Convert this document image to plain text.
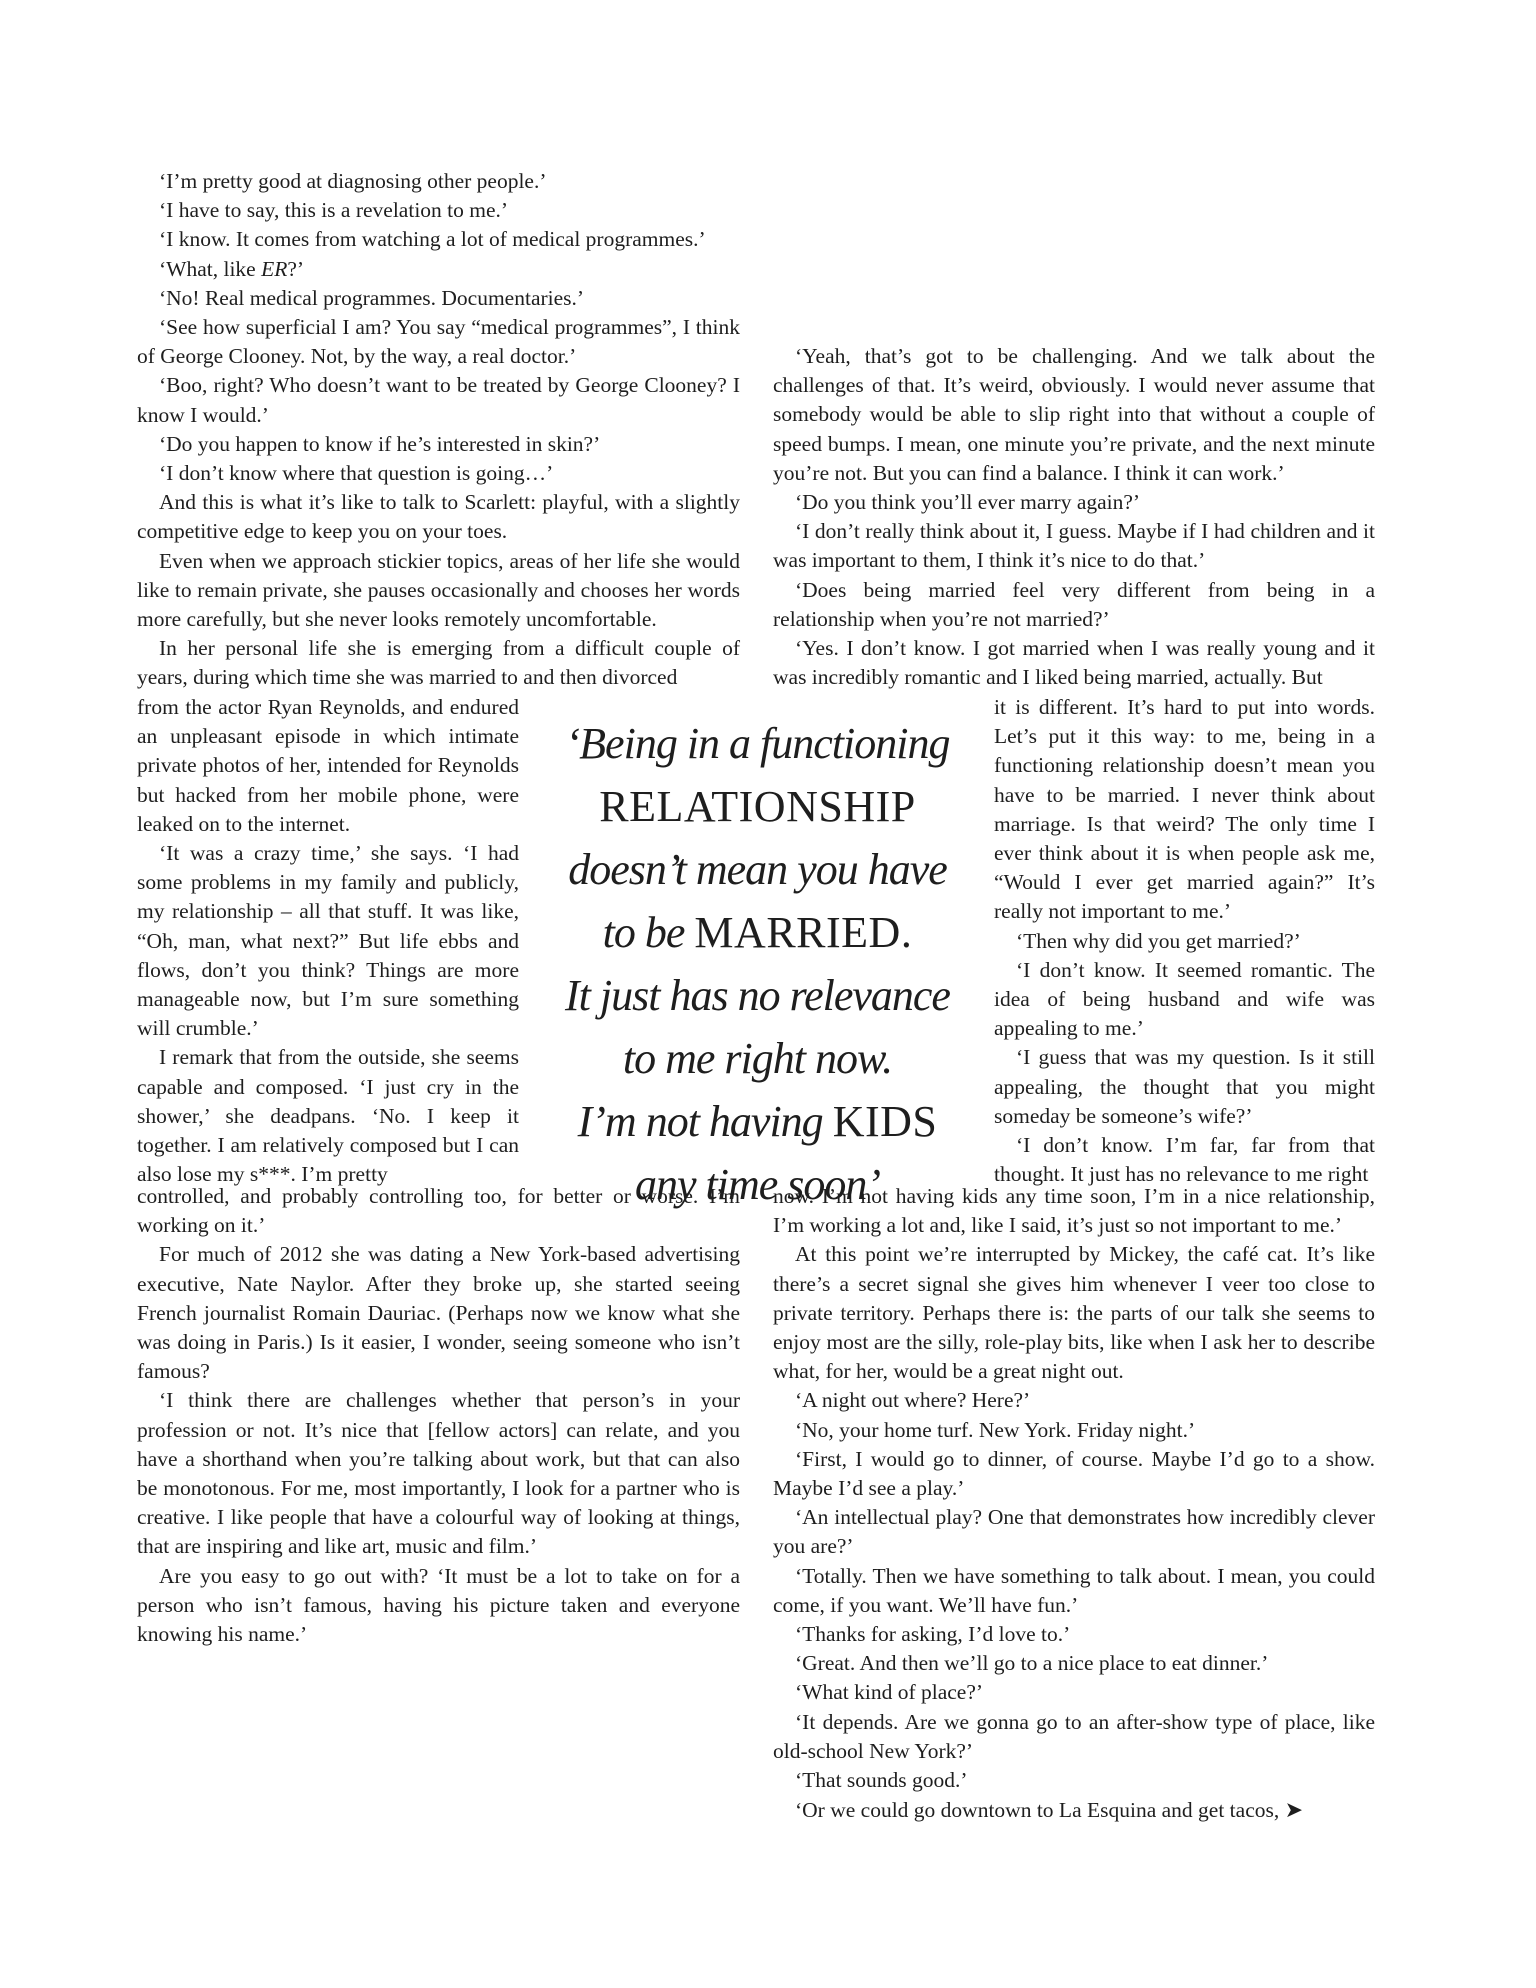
‘I’m pretty good at diagnosing other people.’

‘I have to say, this is a revelation to me.’

‘I know. It comes from watching a lot of medical programmes.’

‘What, like ER?’

‘No! Real medical programmes. Documentaries.’

‘See how superficial I am? You say “medical programmes”, I think of George Clooney. Not, by the way, a real doctor.’

‘Boo, right? Who doesn’t want to be treated by George Clooney? I know I would.’

‘Do you happen to know if he’s interested in skin?’

‘I don’t know where that question is going…’

And this is what it’s like to talk to Scarlett: playful, with a slightly competitive edge to keep you on your toes.

Even when we approach stickier topics, areas of her life she would like to remain private, she pauses occasionally and chooses her words more carefully, but she never looks remotely uncomfortable.

In her personal life she is emerging from a difficult couple of years, during which time she was married to and then divorced

from the actor Ryan Reynolds, and endured an unpleasant episode in which intimate private photos of her, intended for Reynolds but hacked from her mobile phone, were leaked on to the internet.

‘It was a crazy time,’ she says. ‘I had some problems in my family and publicly, my relationship – all that stuff. It was like, “Oh, man, what next?” But life ebbs and flows, don’t you think? Things are more manageable now, but I’m sure something will crumble.’

I remark that from the outside, she seems capable and composed. ‘I just cry in the shower,’ she deadpans. ‘No. I keep it together. I am relatively composed but I can also lose my s***. I’m pretty

controlled, and probably controlling too, for better or worse. I’m working on it.’

For much of 2012 she was dating a New York-based advertising executive, Nate Naylor. After they broke up, she started seeing French journalist Romain Dauriac. (Perhaps now we know what she was doing in Paris.) Is it easier, I wonder, seeing someone who isn’t famous?

‘I think there are challenges whether that person’s in your profession or not. It’s nice that [fellow actors] can relate, and you have a shorthand when you’re talking about work, but that can also be monotonous. For me, most importantly, I look for a partner who is creative. I like people that have a colourful way of looking at things, that are inspiring and like art, music and film.’

Are you easy to go out with? ‘It must be a lot to take on for a person who isn’t famous, having his picture taken and everyone knowing his name.’

‘Yeah, that’s got to be challenging. And we talk about the challenges of that. It’s weird, obviously. I would never assume that somebody would be able to slip right into that without a couple of speed bumps. I mean, one minute you’re private, and the next minute you’re not. But you can find a balance. I think it can work.’

‘Do you think you’ll ever marry again?’

‘I don’t really think about it, I guess. Maybe if I had children and it was important to them, I think it’s nice to do that.’

‘Does being married feel very different from being in a relationship when you’re not married?’

‘Yes. I don’t know. I got married when I was really young and it was incredibly romantic and I liked being married, actually. But

it is different. It’s hard to put into words. Let’s put it this way: to me, being in a functioning relationship doesn’t mean you have to be married. I never think about marriage. Is that weird? The only time I ever think about it is when people ask me, “Would I ever get married again?” It’s really not important to me.’

‘Then why did you get married?’

‘I don’t know. It seemed romantic. The idea of being husband and wife was appealing to me.’

‘I guess that was my question. Is it still appealing, the thought that you might someday be someone’s wife?’

‘I don’t know. I’m far, far from that thought. It just has no relevance to me right

now. I’m not having kids any time soon, I’m in a nice relationship, I’m working a lot and, like I said, it’s just so not important to me.’

At this point we’re interrupted by Mickey, the café cat. It’s like there’s a secret signal she gives him whenever I veer too close to private territory. Perhaps there is: the parts of our talk she seems to enjoy most are the silly, role-play bits, like when I ask her to describe what, for her, would be a great night out.

‘A night out where? Here?’

‘No, your home turf. New York. Friday night.’

‘First, I would go to dinner, of course. Maybe I’d go to a show. Maybe I’d see a play.’

‘An intellectual play? One that demonstrates how incredibly clever you are?’

‘Totally. Then we have something to talk about. I mean, you could come, if you want. We’ll have fun.’

‘Thanks for asking, I’d love to.’

‘Great. And then we’ll go to a nice place to eat dinner.’

‘What kind of place?’

‘It depends. Are we gonna go to an after-show type of place, like old-school New York?’

‘That sounds good.’

‘Or we could go downtown to La Esquina and get tacos, ➤

‘Being in a functioning
RELATIONSHIP
doesn’t mean you have
to be MARRIED.
It just has no relevance
to me right now.
I’m not having KIDS
any time soon’
